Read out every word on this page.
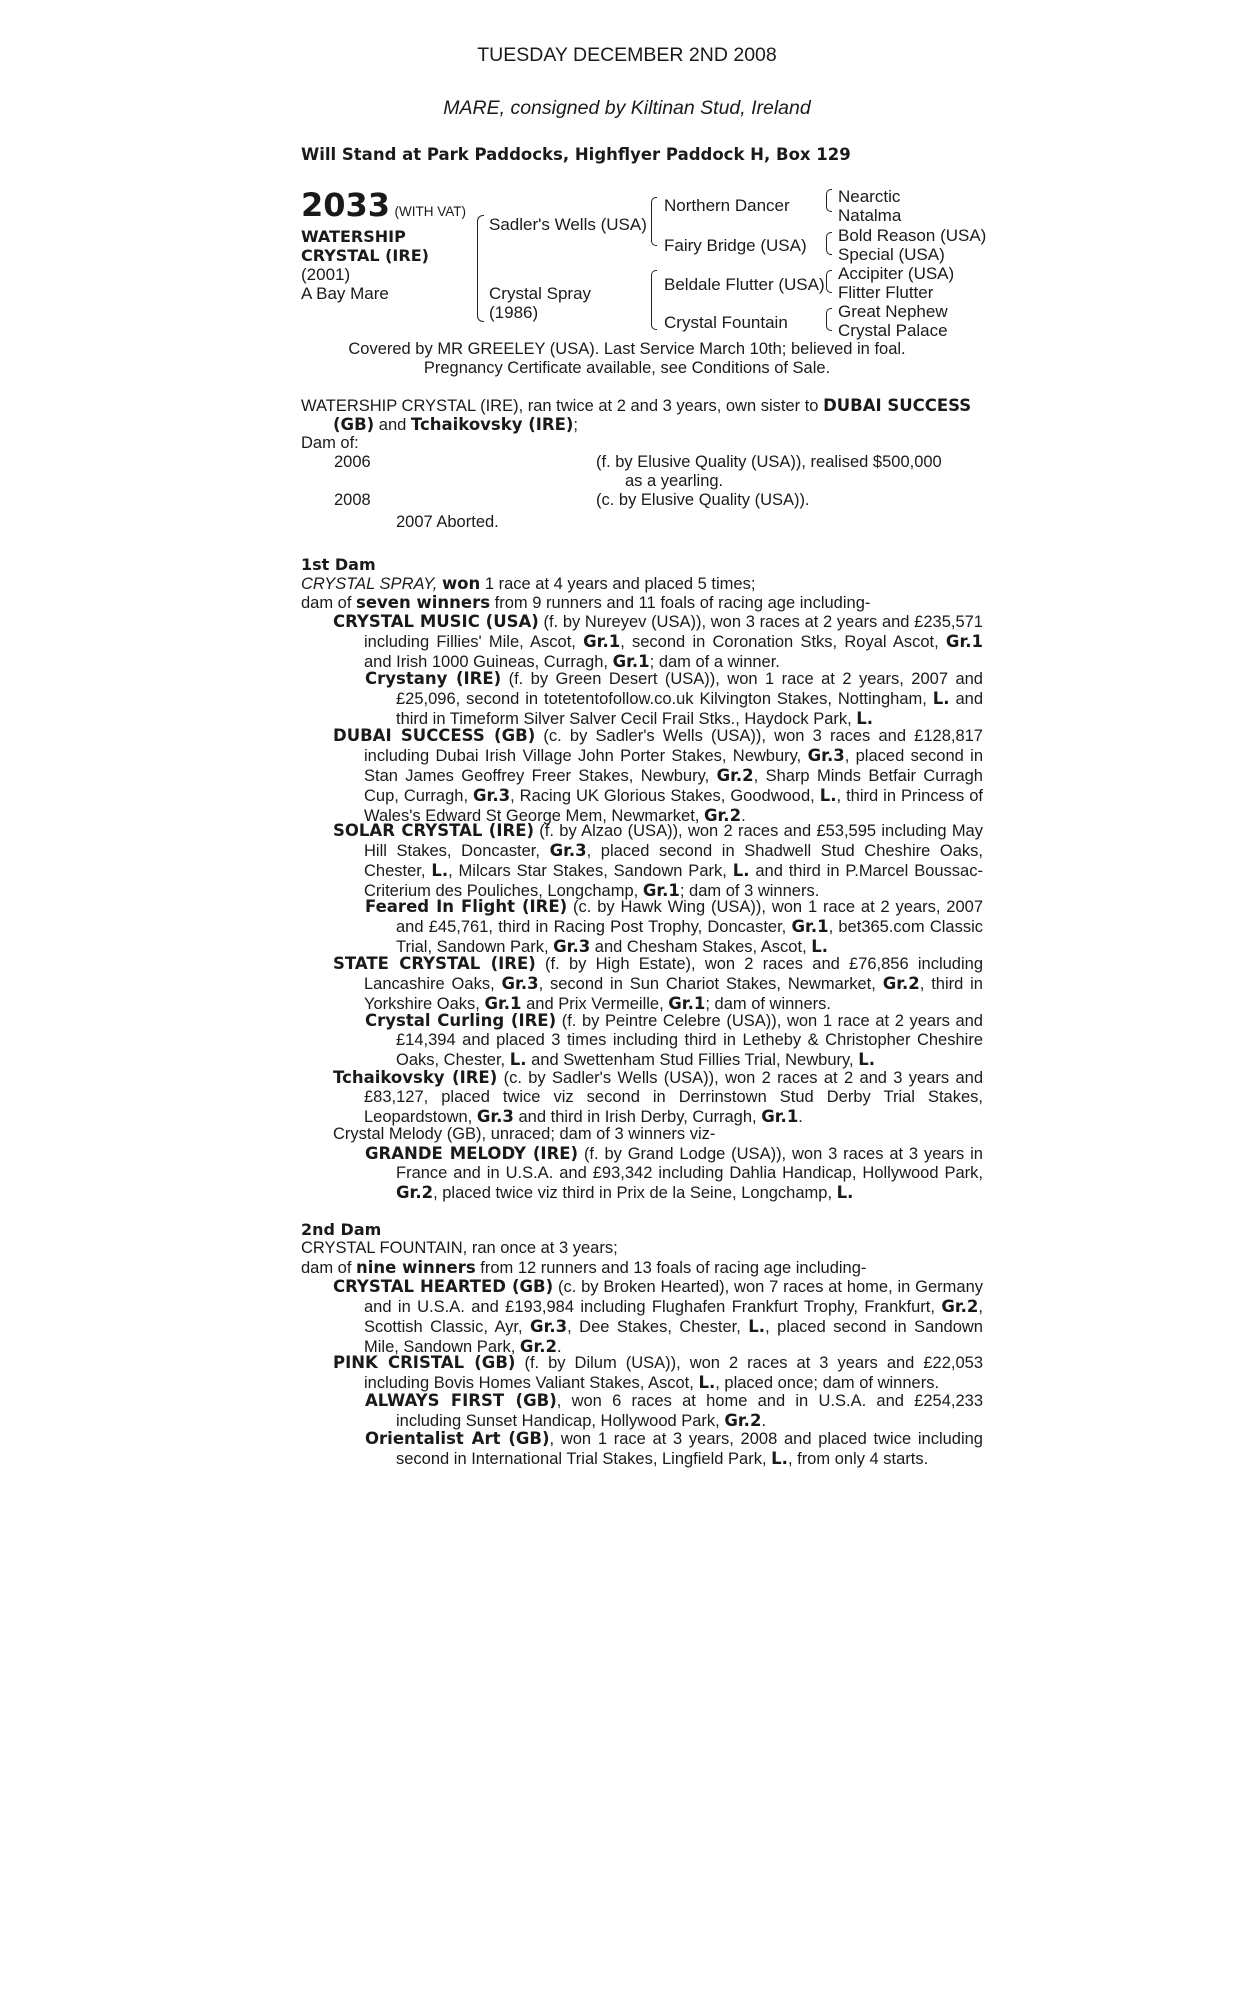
TUESDAY DECEMBER 2ND 2008
MARE, consigned by Kiltinan Stud, Ireland
Will Stand at Park Paddocks, Highflyer Paddock H, Box 129
2033 (WITH VAT)
WATERSHIP
CRYSTAL (IRE)
(2001)
A Bay Mare
Sadler's Wells (USA)
Crystal Spray
(1986)
Northern Dancer
Fairy Bridge (USA)
Beldale Flutter (USA)
Crystal Fountain
Nearctic
Natalma
Bold Reason (USA)
Special (USA)
Accipiter (USA)
Flitter Flutter
Great Nephew
Crystal Palace
Covered by MR GREELEY (USA). Last Service March 10th; believed in foal.
Pregnancy Certificate available, see Conditions of Sale.
WATERSHIP CRYSTAL (IRE), ran twice at 2 and 3 years, own sister to DUBAI SUCCESS
(GB) and Tchaikovsky (IRE);
Dam of:
2006	(f. by Elusive Quality (USA)), realised $500,000
as a yearling.
2008	(c. by Elusive Quality (USA)).
2007 Aborted.
1st Dam
CRYSTAL SPRAY, won 1 race at 4 years and placed 5 times;
dam of seven winners from 9 runners and 11 foals of racing age including-
CRYSTAL MUSIC (USA) (f. by Nureyev (USA)), won 3 races at 2 years and £235,571 including Fillies' Mile, Ascot, Gr.1, second in Coronation Stks, Royal Ascot, Gr.1 and Irish 1000 Guineas, Curragh, Gr.1; dam of a winner.
Crystany (IRE) (f. by Green Desert (USA)), won 1 race at 2 years, 2007 and £25,096, second in totetentofollow.co.uk Kilvington Stakes, Nottingham, L. and third in Timeform Silver Salver Cecil Frail Stks., Haydock Park, L.
DUBAI SUCCESS (GB) (c. by Sadler's Wells (USA)), won 3 races and £128,817 including Dubai Irish Village John Porter Stakes, Newbury, Gr.3, placed second in Stan James Geoffrey Freer Stakes, Newbury, Gr.2, Sharp Minds Betfair Curragh Cup, Curragh, Gr.3, Racing UK Glorious Stakes, Goodwood, L., third in Princess of Wales's Edward St George Mem, Newmarket, Gr.2.
SOLAR CRYSTAL (IRE) (f. by Alzao (USA)), won 2 races and £53,595 including May Hill Stakes, Doncaster, Gr.3, placed second in Shadwell Stud Cheshire Oaks, Chester, L., Milcars Star Stakes, Sandown Park, L. and third in P.Marcel Boussac-Criterium des Pouliches, Longchamp, Gr.1; dam of 3 winners.
Feared In Flight (IRE) (c. by Hawk Wing (USA)), won 1 race at 2 years, 2007 and £45,761, third in Racing Post Trophy, Doncaster, Gr.1, bet365.com Classic Trial, Sandown Park, Gr.3 and Chesham Stakes, Ascot, L.
STATE CRYSTAL (IRE) (f. by High Estate), won 2 races and £76,856 including Lancashire Oaks, Gr.3, second in Sun Chariot Stakes, Newmarket, Gr.2, third in Yorkshire Oaks, Gr.1 and Prix Vermeille, Gr.1; dam of winners.
Crystal Curling (IRE) (f. by Peintre Celebre (USA)), won 1 race at 2 years and £14,394 and placed 3 times including third in Letheby & Christopher Cheshire Oaks, Chester, L. and Swettenham Stud Fillies Trial, Newbury, L.
Tchaikovsky (IRE) (c. by Sadler's Wells (USA)), won 2 races at 2 and 3 years and £83,127, placed twice viz second in Derrinstown Stud Derby Trial Stakes, Leopardstown, Gr.3 and third in Irish Derby, Curragh, Gr.1.
Crystal Melody (GB), unraced; dam of 3 winners viz-
GRANDE MELODY (IRE) (f. by Grand Lodge (USA)), won 3 races at 3 years in France and in U.S.A. and £93,342 including Dahlia Handicap, Hollywood Park, Gr.2, placed twice viz third in Prix de la Seine, Longchamp, L.
2nd Dam
CRYSTAL FOUNTAIN, ran once at 3 years;
dam of nine winners from 12 runners and 13 foals of racing age including-
CRYSTAL HEARTED (GB) (c. by Broken Hearted), won 7 races at home, in Germany and in U.S.A. and £193,984 including Flughafen Frankfurt Trophy, Frankfurt, Gr.2, Scottish Classic, Ayr, Gr.3, Dee Stakes, Chester, L., placed second in Sandown Mile, Sandown Park, Gr.2.
PINK CRISTAL (GB) (f. by Dilum (USA)), won 2 races at 3 years and £22,053 including Bovis Homes Valiant Stakes, Ascot, L., placed once; dam of winners.
ALWAYS FIRST (GB), won 6 races at home and in U.S.A. and £254,233 including Sunset Handicap, Hollywood Park, Gr.2.
Orientalist Art (GB), won 1 race at 3 years, 2008 and placed twice including second in International Trial Stakes, Lingfield Park, L., from only 4 starts.
